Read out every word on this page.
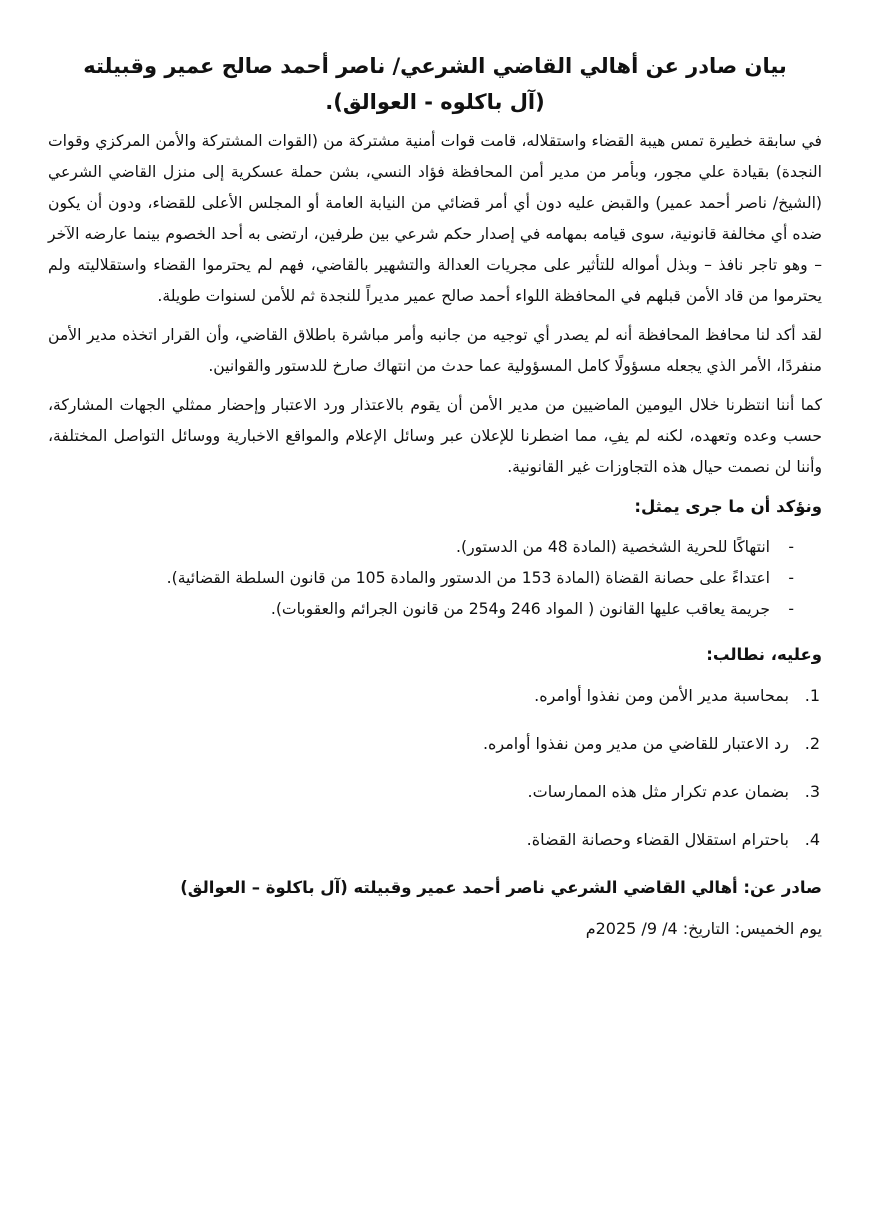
بيان صادر عن أهالي القاضي الشرعي/ ناصر أحمد صالح عمير وقبيلته
(آل باكلوه - العوالق).

في سابقة خطيرة تمس هيبة القضاء واستقلاله، قامت قوات أمنية مشتركة من (القوات المشتركة والأمن المركزي وقوات النجدة) بقيادة علي مجور، وبأمر من مدير أمن المحافظة فؤاد النسي، بشن حملة عسكرية إلى منزل القاضي الشرعي (الشيخ/ ناصر أحمد عمير) والقبض عليه دون أي أمر قضائي من النيابة العامة أو المجلس الأعلى للقضاء، ودون أن يكون ضده أي مخالفة قانونية، سوى قيامه بمهامه في إصدار حكم شرعي بين طرفين، ارتضى به أحد الخصوم بينما عارضه الآخر – وهو تاجر نافذ – وبذل أمواله للتأثير على مجريات العدالة والتشهير بالقاضي، فهم لم يحترموا القضاء واستقلاليته ولم يحترموا من قاد الأمن قبلهم في المحافظة اللواء أحمد صالح عمير مديراً للنجدة ثم للأمن لسنوات طويلة.

لقد أكد لنا محافظ المحافظة أنه لم يصدر أي توجيه من جانبه وأمر مباشرة باطلاق القاضي، وأن القرار اتخذه مدير الأمن منفردًا، الأمر الذي يجعله مسؤولًا كامل المسؤولية عما حدث من انتهاك صارخ للدستور والقوانين.

كما أننا انتظرنا خلال اليومين الماضيين من مدير الأمن أن يقوم بالاعتذار ورد الاعتبار وإحضار ممثلي الجهات المشاركة، حسب وعده وتعهده، لكنه لم يفِ، مما اضطرنا للإعلان عبر وسائل الإعلام والمواقع الاخبارية ووسائل التواصل المختلفة، وأننا لن نصمت حيال هذه التجاوزات غير القانونية.

ونؤكد أن ما جرى يمثل:
-
انتهاكًا للحرية الشخصية (المادة 48 من الدستور).
-
اعتداءً على حصانة القضاة (المادة 153 من الدستور والمادة 105 من قانون السلطة القضائية).
-
جريمة يعاقب عليها القانون ( المواد 246 و254 من قانون الجرائم والعقوبات).
وعليه، نطالب:
1. بمحاسبة مدير الأمن ومن نفذوا أوامره.
2. رد الاعتبار للقاضي من مدير ومن نفذوا أوامره.
3. بضمان عدم تكرار مثل هذه الممارسات.
4. باحترام استقلال القضاء وحصانة القضاة.
صادر عن: أهالي القاضي الشرعي ناصر أحمد عمير وقبيلته (آل باكلوة – العوالق)
يوم الخميس: التاريخ: 4/ 9/ 2025م
